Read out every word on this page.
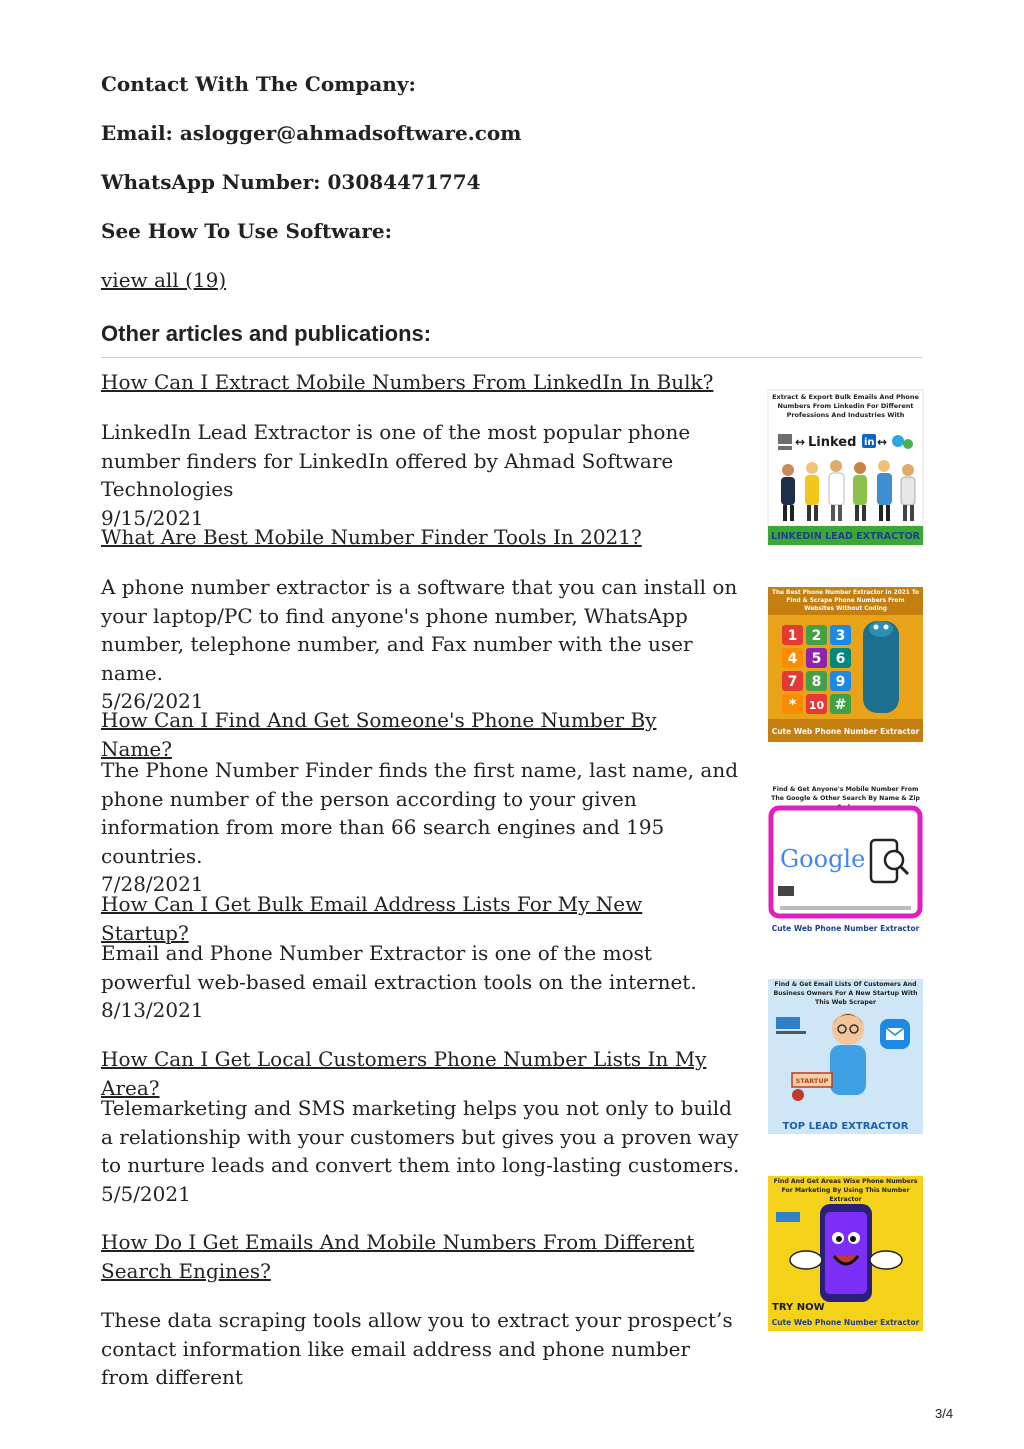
Contact With The Company:

Email: aslogger@ahmadsoftware.com

WhatsApp Number: 03084471774

See How To Use Software:

view all (19)
Other articles and publications:
How Can I Extract Mobile Numbers From LinkedIn In Bulk?
LinkedIn Lead Extractor is one of the most popular phone number finders for LinkedIn offered by Ahmad Software Technologies
9/15/2021
What Are Best Mobile Number Finder Tools In 2021?
A phone number extractor is a software that you can install on your laptop/PC to find anyone's phone number, WhatsApp number, telephone number, and Fax number with the user name.
5/26/2021
How Can I Find And Get Someone's Phone Number By Name?
The Phone Number Finder finds the first name, last name, and phone number of the person according to your given information from more than 66 search engines and 195 countries.
7/28/2021
How Can I Get Bulk Email Address Lists For My New Startup?
Email and Phone Number Extractor is one of the most powerful web-based email extraction tools on the internet.
8/13/2021
How Can I Get Local Customers Phone Number Lists In My Area?
Telemarketing and SMS marketing helps you not only to build a relationship with your customers but gives you a proven way to nurture leads and convert them into long-lasting customers.
5/5/2021
How Do I Get Emails And Mobile Numbers From Different Search Engines?
These data scraping tools allow you to extract your prospect’s contact information like email address and phone number from different
Extract & Export Bulk Emails And Phone Numbers From Linkedin For Different Professions And Industries With
↔ Linked in ↔
LINKEDIN LEAD EXTRACTOR
The Best Phone Number Extractor In 2021 To Find & Scrape Phone Numbers From Websites Without Coding
1 2 3
4 5 6
7 8 9
* 10 #
Cute Web Phone Number Extractor
Find & Get Anyone's Mobile Number From The Google & Other Search By Name & Zip
Google
Cute Web Phone Number Extractor
Find & Get Email Lists Of Customers And Business Owners For A New Startup With This Web Scraper
STARTUP
TOP LEAD EXTRACTOR
Find And Get Areas Wise Phone Numbers For Marketing By Using This Number Extractor
TRY NOW
Cute Web Phone Number Extractor
3/4
